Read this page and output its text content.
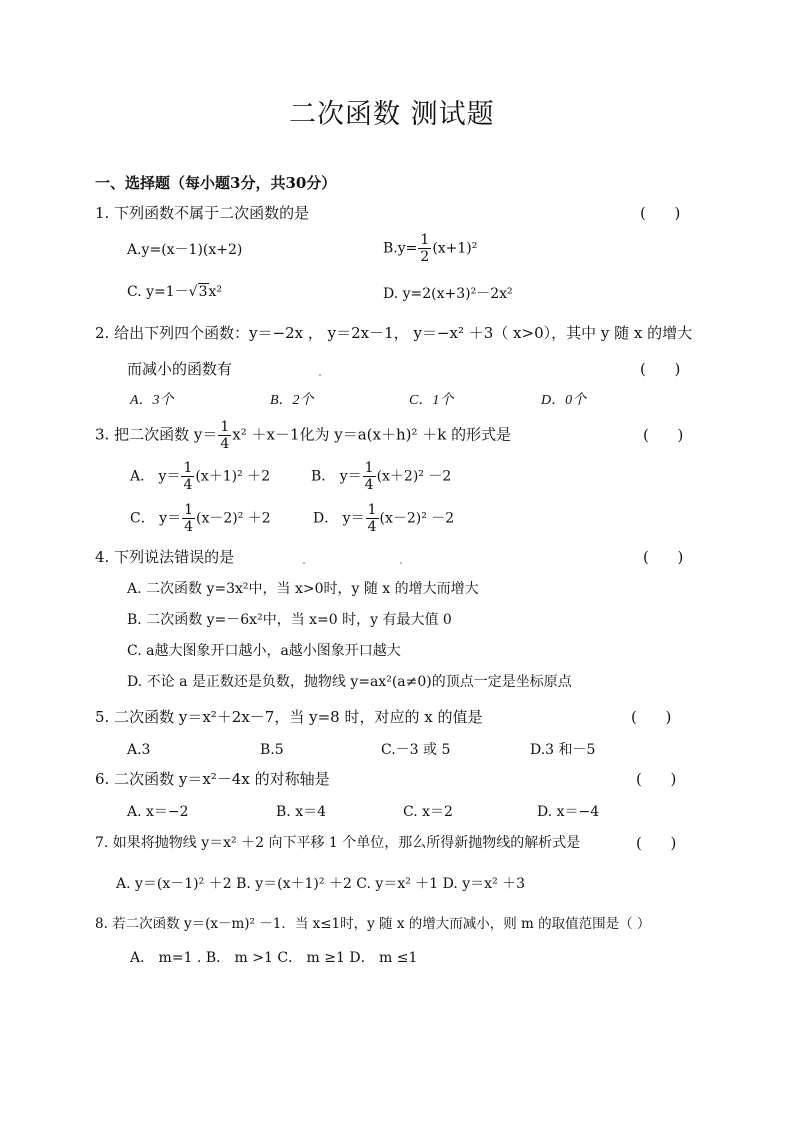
二次函数 测试题
一、选择题（每小题3分，共30分）
1. 下列函数不属于二次函数的是	(      )
A.y=(x－1)(x+2)	$B.y= \frac{1}{2} (x+1)^2$
C. y=1－√3x²	D. y=2(x+3)²－2x²
2. 给出下列四个函数：y＝−2x ， y＝2x－1， y＝−x² ＋3（ x>0），其中 y 随 x 的增大
而减小的函数有	(      )
A．3个	B．2个	C．1个	D．0个
3. 把二次函数 $y= \frac{1}{4} x^2 +x-1$化为 y＝a(x＋h)² ＋k 的形式是	(      )
A． $y= \frac{1}{4} (x+1)^2 +2$	B． $y= \frac{1}{4} (x+2)^2 -2$
C． $y= \frac{1}{4} (x-2)^2 +2$	D． $y= \frac{1}{4} (x-2)^2 -2$
4. 下列说法错误的是	(      )
A. 二次函数 y=3x²中，当 x>0时，y 随 x 的增大而增大
B. 二次函数 y=－6x²中，当 x=0 时，y 有最大值 0
C. a越大图象开口越小，a越小图象开口越大
D. 不论 a 是正数还是负数，抛物线 y=ax²(a≠0)的顶点一定是坐标原点
5. 二次函数 y＝x²＋2x－7，当 y=8 时，对应的 x 的值是	(      )
A.3	B.5	C.－3 或 5	D.3 和－5
6. 二次函数 y＝x²－4x 的对称轴是	(      )
A. x＝−2	B. x＝4	C. x＝2	D. x＝−4
7. 如果将抛物线 y＝x² ＋2 向下平移 1 个单位，那么所得新抛物线的解析式是	(      )
A. y＝(x－1)² ＋2 B. y＝(x＋1)² ＋2 C. y＝x² ＋1 D. y＝x² ＋3
8. 若二次函数 y＝(x－m)² －1．当 x≤1时，y 随 x 的增大而减小，则 m 的取值范围是（ ）
A． m=1 . B． m >1 C． m ≥1 D． m ≤1
